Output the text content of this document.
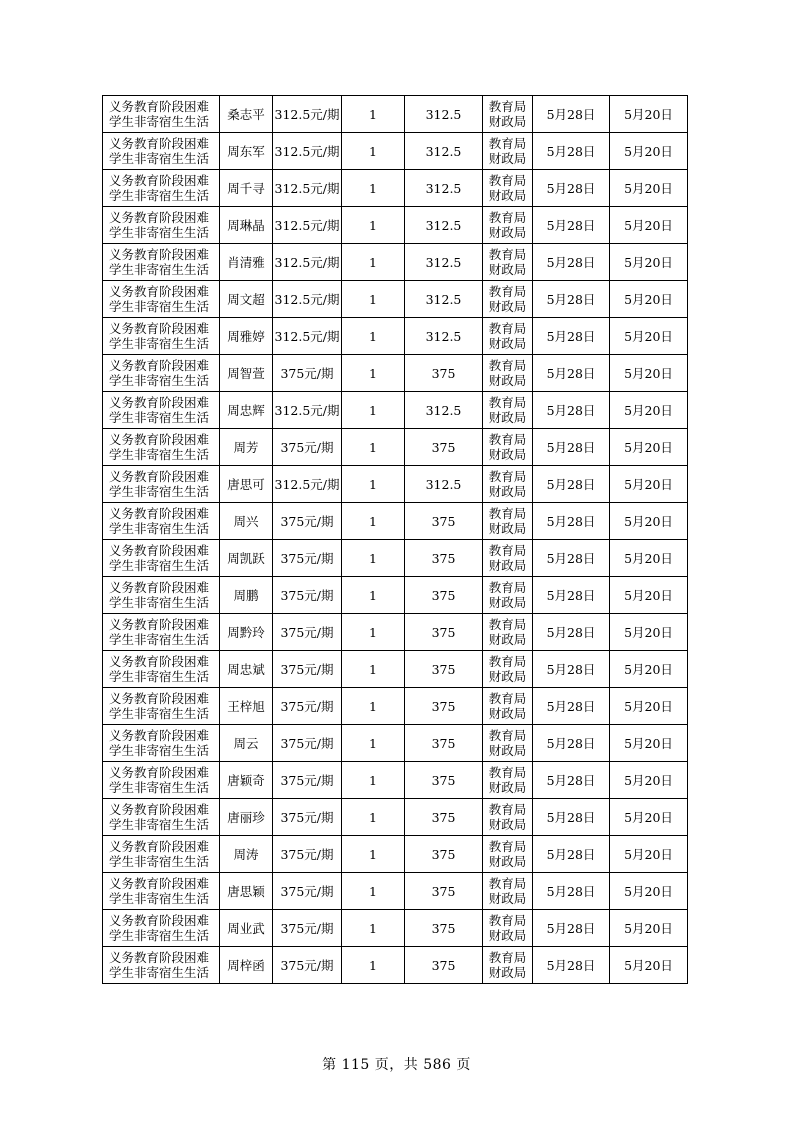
义务教育阶段困难学生非寄宿生生活	桑志平	312.5元/期	1	312.5	教育局财政局	5月28日	5月20日
义务教育阶段困难学生非寄宿生生活	周东军	312.5元/期	1	312.5	教育局财政局	5月28日	5月20日
义务教育阶段困难学生非寄宿生生活	周千寻	312.5元/期	1	312.5	教育局财政局	5月28日	5月20日
义务教育阶段困难学生非寄宿生生活	周琳晶	312.5元/期	1	312.5	教育局财政局	5月28日	5月20日
义务教育阶段困难学生非寄宿生生活	肖清雅	312.5元/期	1	312.5	教育局财政局	5月28日	5月20日
义务教育阶段困难学生非寄宿生生活	周文超	312.5元/期	1	312.5	教育局财政局	5月28日	5月20日
义务教育阶段困难学生非寄宿生生活	周雅婷	312.5元/期	1	312.5	教育局财政局	5月28日	5月20日
义务教育阶段困难学生非寄宿生生活	周智萱	375元/期	1	375	教育局财政局	5月28日	5月20日
义务教育阶段困难学生非寄宿生生活	周忠辉	312.5元/期	1	312.5	教育局财政局	5月28日	5月20日
义务教育阶段困难学生非寄宿生生活	周芳	375元/期	1	375	教育局财政局	5月28日	5月20日
义务教育阶段困难学生非寄宿生生活	唐思可	312.5元/期	1	312.5	教育局财政局	5月28日	5月20日
义务教育阶段困难学生非寄宿生生活	周兴	375元/期	1	375	教育局财政局	5月28日	5月20日
义务教育阶段困难学生非寄宿生生活	周凯跃	375元/期	1	375	教育局财政局	5月28日	5月20日
义务教育阶段困难学生非寄宿生生活	周鹏	375元/期	1	375	教育局财政局	5月28日	5月20日
义务教育阶段困难学生非寄宿生生活	周黔玲	375元/期	1	375	教育局财政局	5月28日	5月20日
义务教育阶段困难学生非寄宿生生活	周忠斌	375元/期	1	375	教育局财政局	5月28日	5月20日
义务教育阶段困难学生非寄宿生生活	王梓旭	375元/期	1	375	教育局财政局	5月28日	5月20日
义务教育阶段困难学生非寄宿生生活	周云	375元/期	1	375	教育局财政局	5月28日	5月20日
义务教育阶段困难学生非寄宿生生活	唐颖奇	375元/期	1	375	教育局财政局	5月28日	5月20日
义务教育阶段困难学生非寄宿生生活	唐丽珍	375元/期	1	375	教育局财政局	5月28日	5月20日
义务教育阶段困难学生非寄宿生生活	周涛	375元/期	1	375	教育局财政局	5月28日	5月20日
义务教育阶段困难学生非寄宿生生活	唐思颖	375元/期	1	375	教育局财政局	5月28日	5月20日
义务教育阶段困难学生非寄宿生生活	周业武	375元/期	1	375	教育局财政局	5月28日	5月20日
义务教育阶段困难学生非寄宿生生活	周梓函	375元/期	1	375	教育局财政局	5月28日	5月20日
第 115 页，共 586 页
